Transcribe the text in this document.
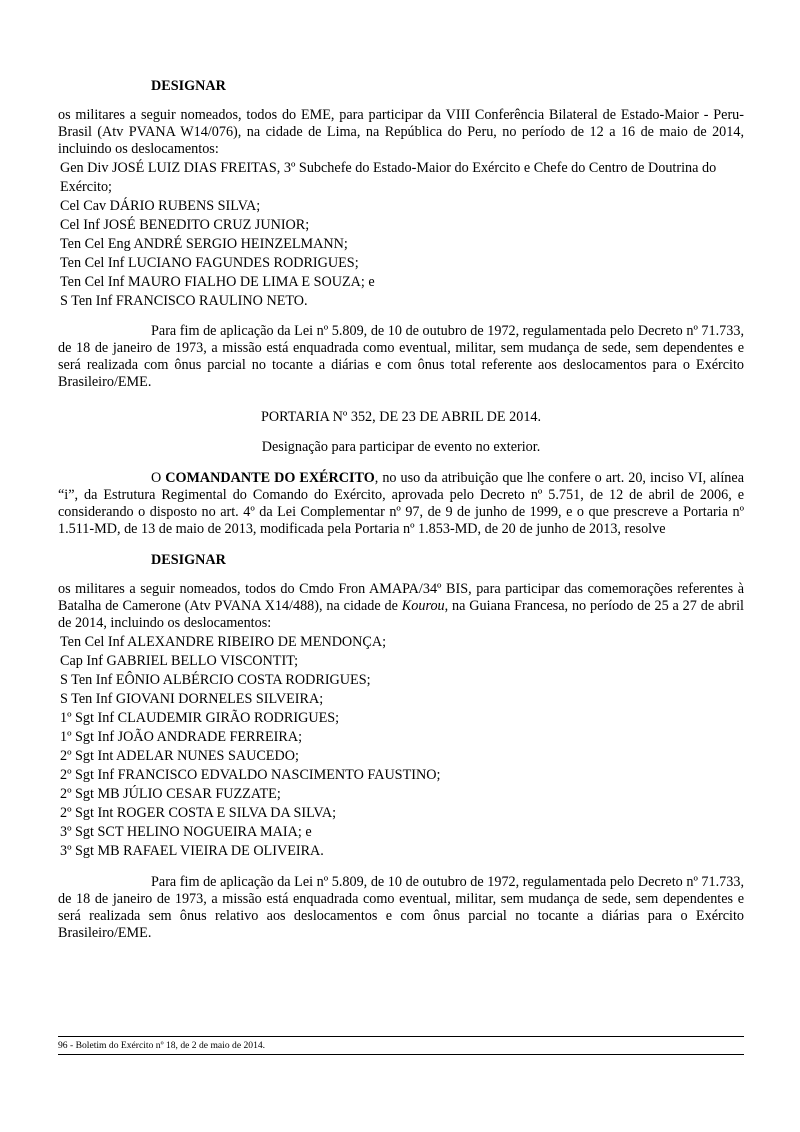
DESIGNAR

os militares a seguir nomeados, todos do EME, para participar da VIII Conferência Bilateral de Estado-Maior - Peru-Brasil (Atv PVANA W14/076), na cidade de Lima, na República do Peru, no período de 12 a 16 de maio de 2014, incluindo os deslocamentos:

Gen Div JOSÉ LUIZ DIAS FREITAS, 3º Subchefe do Estado-Maior do Exército e Chefe do Centro de Doutrina do Exército;
Cel Cav DÁRIO RUBENS SILVA;
Cel Inf JOSÉ BENEDITO CRUZ JUNIOR;
Ten Cel Eng ANDRÉ SERGIO HEINZELMANN;
Ten Cel Inf LUCIANO FAGUNDES RODRIGUES;
Ten Cel Inf MAURO FIALHO DE LIMA E SOUZA; e
S Ten Inf FRANCISCO RAULINO NETO.

Para fim de aplicação da Lei nº 5.809, de 10 de outubro de 1972, regulamentada pelo Decreto nº 71.733, de 18 de janeiro de 1973, a missão está enquadrada como eventual, militar, sem mudança de sede, sem dependentes e será realizada com ônus parcial no tocante a diárias e com ônus total referente aos deslocamentos para o Exército Brasileiro/EME.

PORTARIA Nº 352, DE 23 DE ABRIL DE 2014.

Designação para participar de evento no exterior.

O COMANDANTE DO EXÉRCITO, no uso da atribuição que lhe confere o art. 20, inciso VI, alínea “i”, da Estrutura Regimental do Comando do Exército, aprovada pelo Decreto nº 5.751, de 12 de abril de 2006, e considerando o disposto no art. 4º da Lei Complementar nº 97, de 9 de junho de 1999, e o que prescreve a Portaria nº 1.511-MD, de 13 de maio de 2013, modificada pela Portaria nº 1.853-MD, de 20 de junho de 2013, resolve

DESIGNAR

os militares a seguir nomeados, todos do Cmdo Fron AMAPA/34º BIS, para participar das comemorações referentes à Batalha de Camerone (Atv PVANA X14/488), na cidade de Kourou, na Guiana Francesa, no período de 25 a 27 de abril de 2014, incluindo os deslocamentos:

Ten Cel Inf ALEXANDRE RIBEIRO DE MENDONÇA;
Cap Inf GABRIEL BELLO VISCONTIT;
S Ten Inf EÔNIO ALBÉRCIO COSTA RODRIGUES;
S Ten Inf GIOVANI DORNELES SILVEIRA;
1º Sgt Inf CLAUDEMIR GIRÃO RODRIGUES;
1º Sgt Inf JOÃO ANDRADE FERREIRA;
2º Sgt Int ADELAR NUNES SAUCEDO;
2º Sgt Inf FRANCISCO EDVALDO NASCIMENTO FAUSTINO;
2º Sgt MB JÚLIO CESAR FUZZATE;
2º Sgt Int ROGER COSTA E SILVA DA SILVA;
3º Sgt SCT HELINO NOGUEIRA MAIA; e
3º Sgt MB RAFAEL VIEIRA DE OLIVEIRA.

Para fim de aplicação da Lei nº 5.809, de 10 de outubro de 1972, regulamentada pelo Decreto nº 71.733, de 18 de janeiro de 1973, a missão está enquadrada como eventual, militar, sem mudança de sede, sem dependentes e será realizada sem ônus relativo aos deslocamentos e com ônus parcial no tocante a diárias para o Exército Brasileiro/EME.

96 - Boletim do Exército nº 18, de 2 de maio de 2014.
